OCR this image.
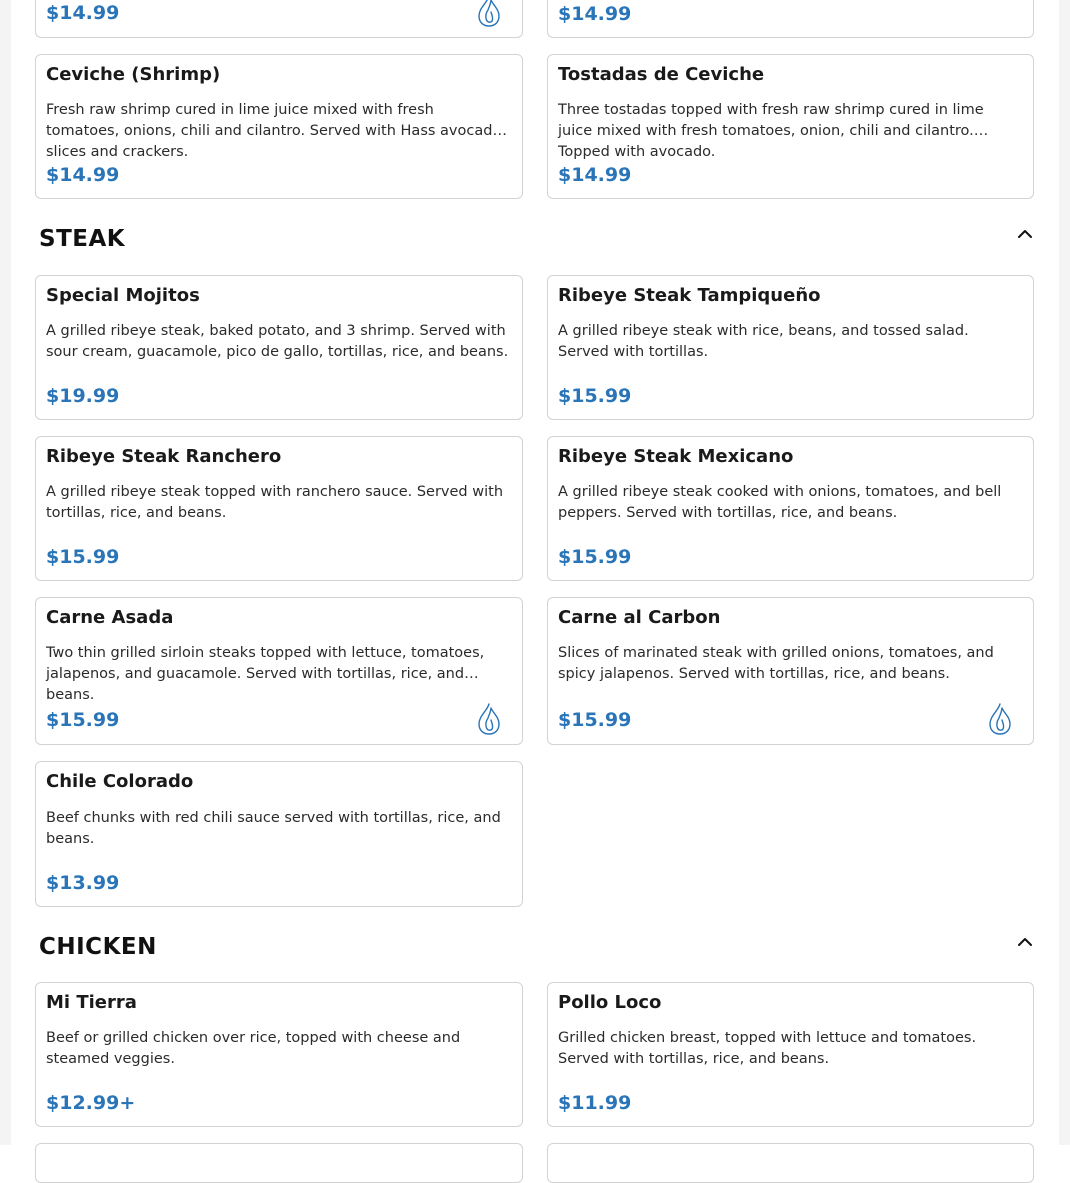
$14.99	$14.99
Ceviche (Shrimp)
Fresh raw shrimp cured in lime juice mixed with fresh tomatoes, onions, chili and cilantro. Served with Hass avocado slices and crackers.
$14.99
Tostadas de Ceviche
Three tostadas topped with fresh raw shrimp cured in lime juice mixed with fresh tomatoes, onion, chili and cilantro. Topped with avocado.
$14.99
STEAK
Special Mojitos
A grilled ribeye steak, baked potato, and 3 shrimp. Served with sour cream, guacamole, pico de gallo, tortillas, rice, and beans.
$19.99
Ribeye Steak Tampiqueño
A grilled ribeye steak with rice, beans, and tossed salad. Served with tortillas.
$15.99
Ribeye Steak Ranchero
A grilled ribeye steak topped with ranchero sauce. Served with tortillas, rice, and beans.
$15.99
Ribeye Steak Mexicano
A grilled ribeye steak cooked with onions, tomatoes, and bell peppers. Served with tortillas, rice, and beans.
$15.99
Carne Asada
Two thin grilled sirloin steaks topped with lettuce, tomatoes, jalapenos, and guacamole. Served with tortillas, rice, and beans.
$15.99
Carne al Carbon
Slices of marinated steak with grilled onions, tomatoes, and spicy jalapenos. Served with tortillas, rice, and beans.
$15.99
Chile Colorado
Beef chunks with red chili sauce served with tortillas, rice, and beans.
$13.99
CHICKEN
Mi Tierra
Beef or grilled chicken over rice, topped with cheese and steamed veggies.
$12.99+
Pollo Loco
Grilled chicken breast, topped with lettuce and tomatoes. Served with tortillas, rice, and beans.
$11.99
